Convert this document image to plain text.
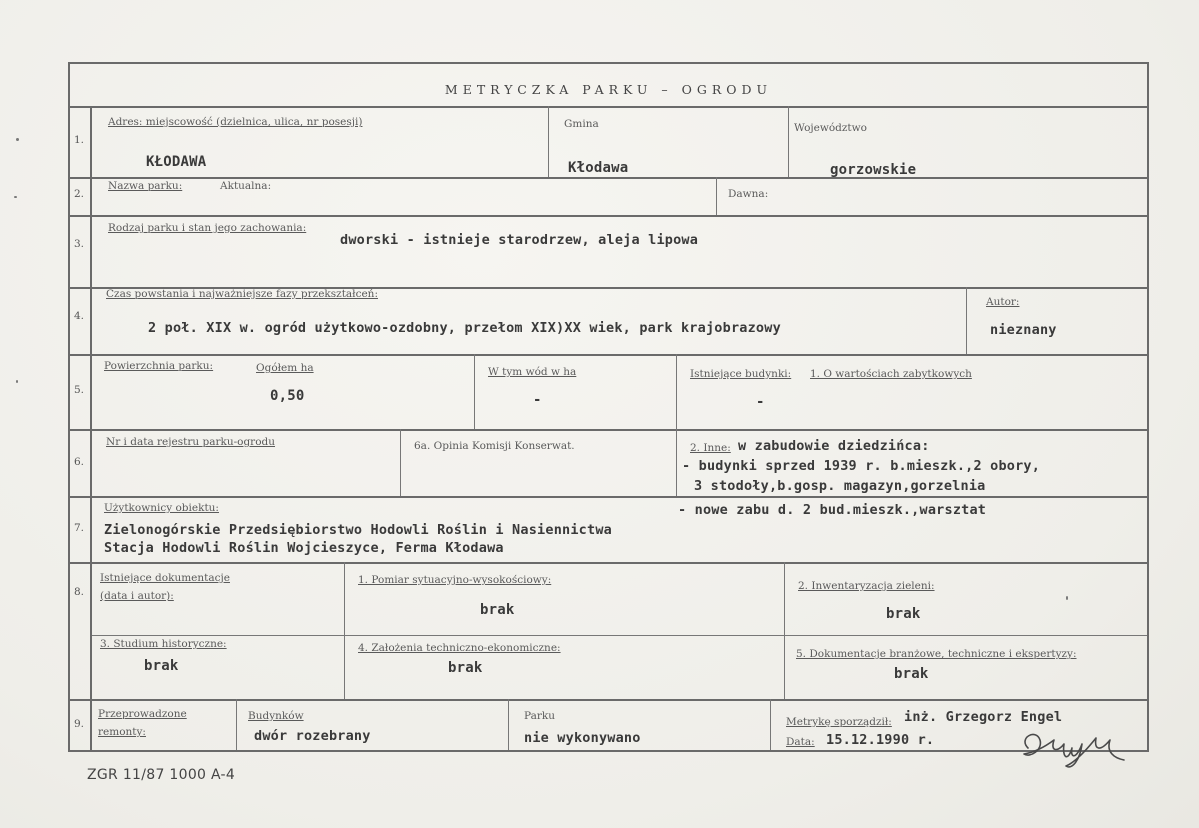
METRYCZKA PARKU – OGRODU
1.
Adres: miejscowość (dzielnica, ulica, nr posesji)
KŁODAWA
Gmina
Kłodawa
Województwo
gorzowskie
2.
Nazwa parku:	Aktualna:
Dawna:
3.
Rodzaj parku i stan jego zachowania:
dworski - istnieje starodrzew, aleja lipowa
4.
Czas powstania i najważniejsze fazy przekształceń:
2 poł. XIX w. ogród użytkowo-ozdobny, przełom XIX)XX wiek, park krajobrazowy
Autor:
nieznany
5.
Powierzchnia parku:	Ogółem ha
0,50
W tym wód w ha
-
Istniejące budynki: 1. O wartościach zabytkowych
-
6.
Nr i data rejestru parku-ogrodu	6a. Opinia Komisji Konserwat.	2. Inne: w zabudowie dziedzińca:
- budynki sprzed 1939 r. b.mieszk.,2 obory,
3 stodoły,b.gosp. magazyn,gorzelnia
- nowe zabu d. 2 bud.mieszk.,warsztat
7.
Użytkownicy obiektu:
Zielonogórskie Przedsiębiorstwo Hodowli Roślin i Nasiennictwa
Stacja Hodowli Roślin Wojcieszyce, Ferma Kłodawa
8.
Istniejące dokumentacje
(data i autor):
1. Pomiar sytuacyjno-wysokościowy:
brak
2. Inwentaryzacja zieleni:
brak
3. Studium historyczne:
brak
4. Założenia techniczno-ekonomiczne:
brak
5. Dokumentacje branżowe, techniczne i ekspertyzy:
brak
9.
Przeprowadzone
remonty:
Budynków
dwór rozebrany
Parku
nie wykonywano
Metrykę sporządził: inż. Grzegorz Engel
Data: 15.12.1990 r.
ZGR 11/87 1000 A-4
